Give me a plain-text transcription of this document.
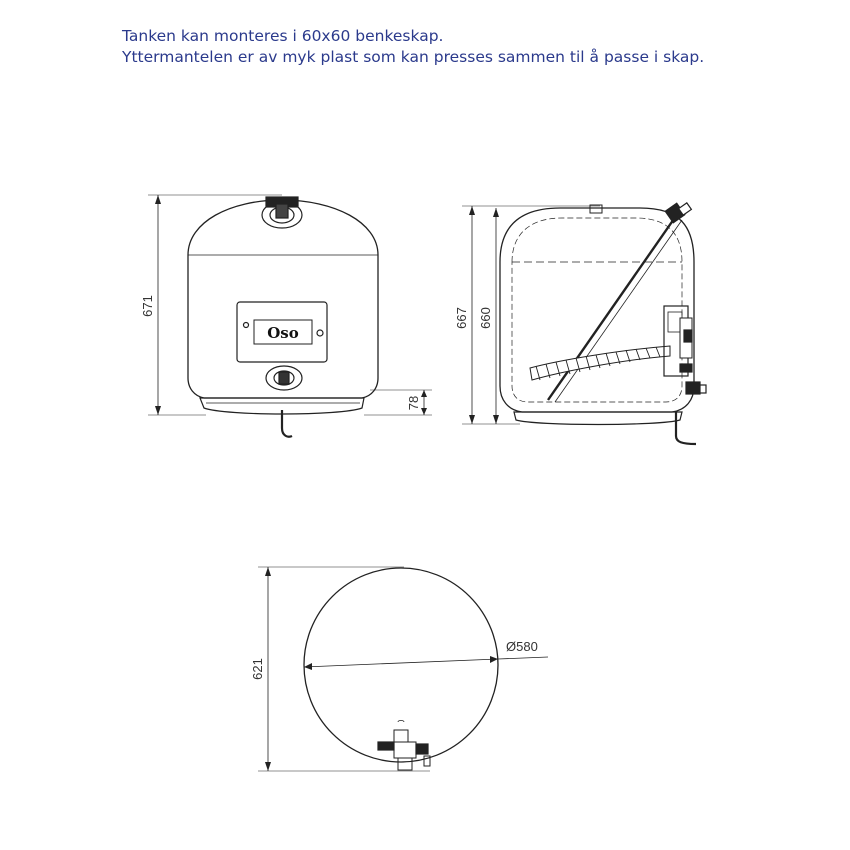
Tanken kan monteres i 60x60 benkeskap.
Yttermantelen er av myk plast som kan presses sammen til å passe i skap.
Oso
671
78
667 660
Ø580
621
